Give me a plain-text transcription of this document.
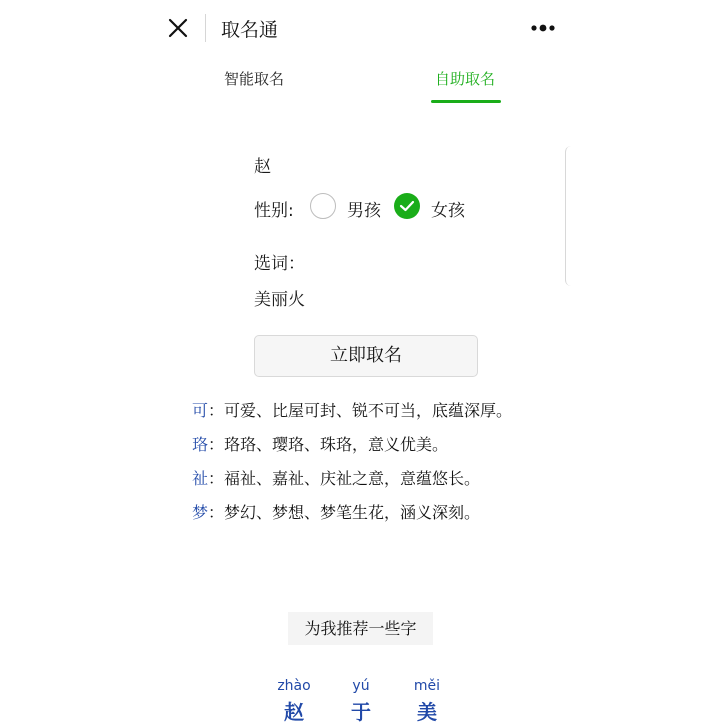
取名通
智能取名	自助取名
赵
性别:	男孩	女孩
选词：
美丽火
立即取名
可：可爱、比屋可封、锐不可当，底蕴深厚。
珞：珞珞、璎珞、珠珞，意义优美。
祉：福祉、嘉祉、庆祉之意，意蕴悠长。
梦：梦幻、梦想、梦笔生花，涵义深刻。
为我推荐一些字
zhào
赵
yú
于
měi
美
